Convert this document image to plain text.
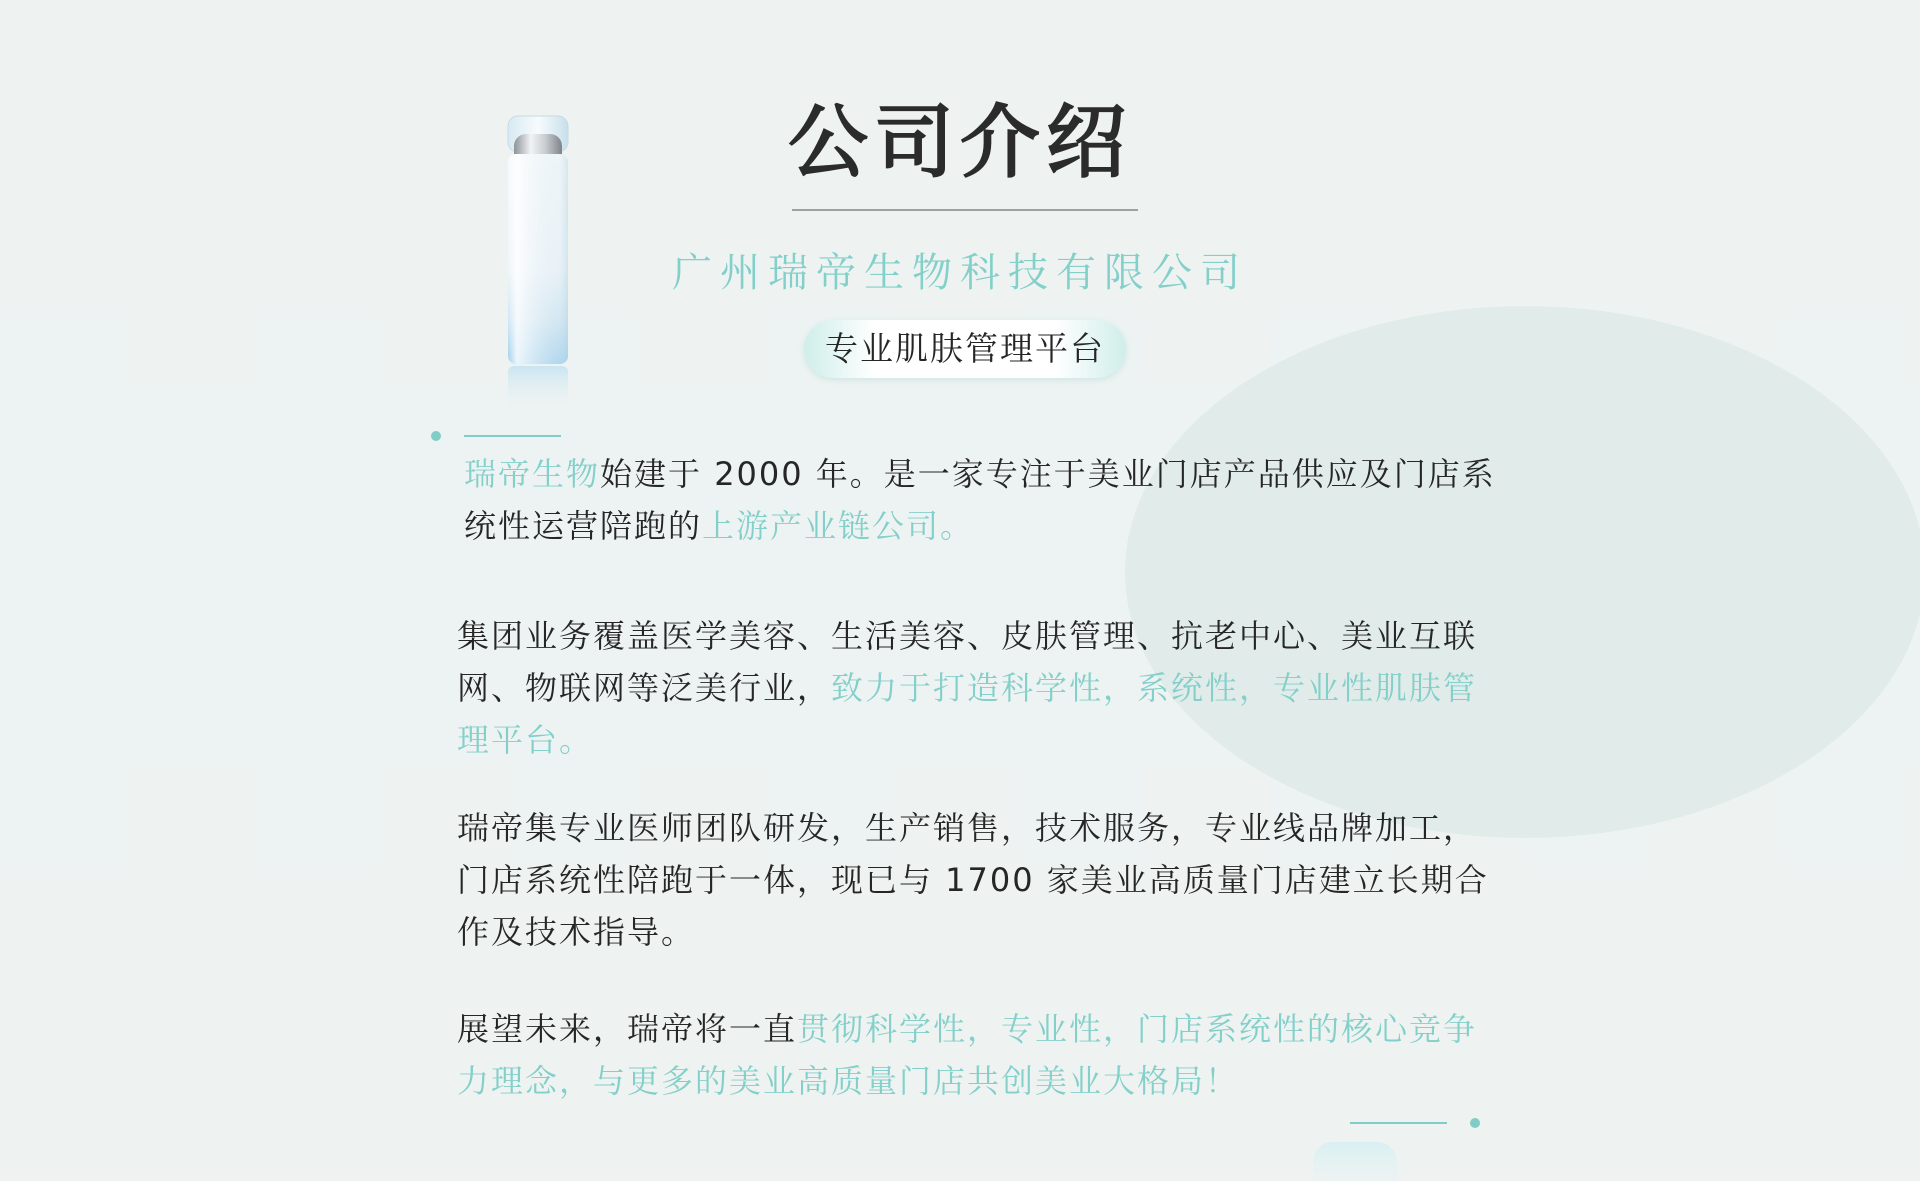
公司介绍
广州瑞帝生物科技有限公司
专业肌肤管理平台

瑞帝生物始建于 2000 年。是一家专注于美业门店产品供应及门店系统性运营陪跑的上游产业链公司。

集团业务覆盖医学美容、生活美容、皮肤管理、抗老中心、美业互联网、物联网等泛美行业，致力于打造科学性，系统性，专业性肌肤管理平台。

瑞帝集专业医师团队研发，生产销售，技术服务，专业线品牌加工，门店系统性陪跑于一体，现已与 1700 家美业高质量门店建立长期合作及技术指导。

展望未来，瑞帝将一直贯彻科学性，专业性，门店系统性的核心竞争力理念，与更多的美业高质量门店共创美业大格局！
